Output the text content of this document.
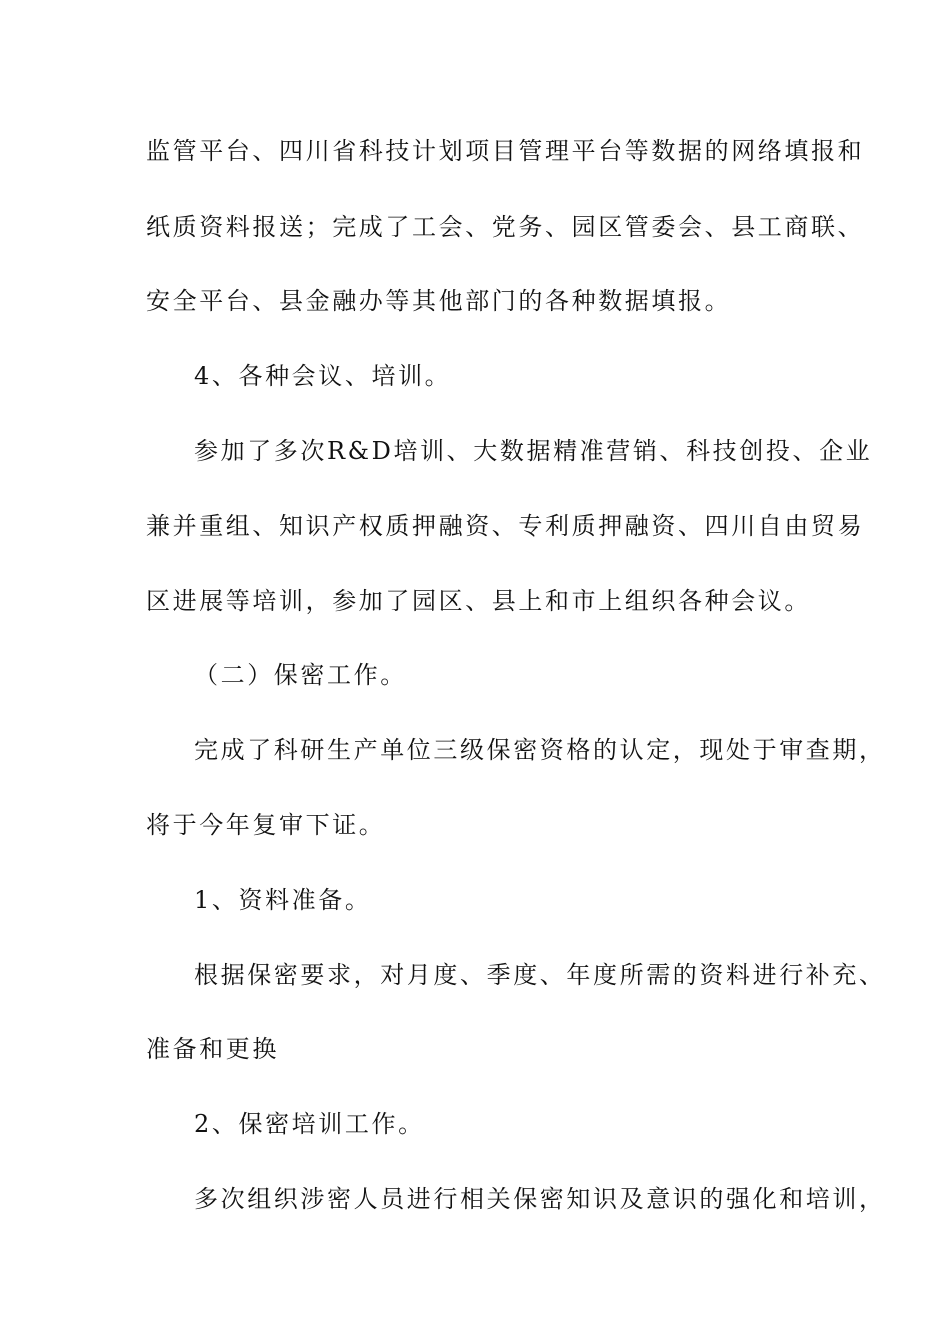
监管平台、四川省科技计划项目管理平台等数据的网络填报和
纸质资料报送；完成了工会、党务、园区管委会、县工商联、
安全平台、县金融办等其他部门的各种数据填报。
4、各种会议、培训。
参加了多次R&D培训、大数据精准营销、科技创投、企业
兼并重组、知识产权质押融资、专利质押融资、四川自由贸易
区进展等培训，参加了园区、县上和市上组织各种会议。
（二）保密工作。
完成了科研生产单位三级保密资格的认定，现处于审查期，
将于今年复审下证。
1、资料准备。
根据保密要求，对月度、季度、年度所需的资料进行补充、
准备和更换
2、保密培训工作。
多次组织涉密人员进行相关保密知识及意识的强化和培训，
